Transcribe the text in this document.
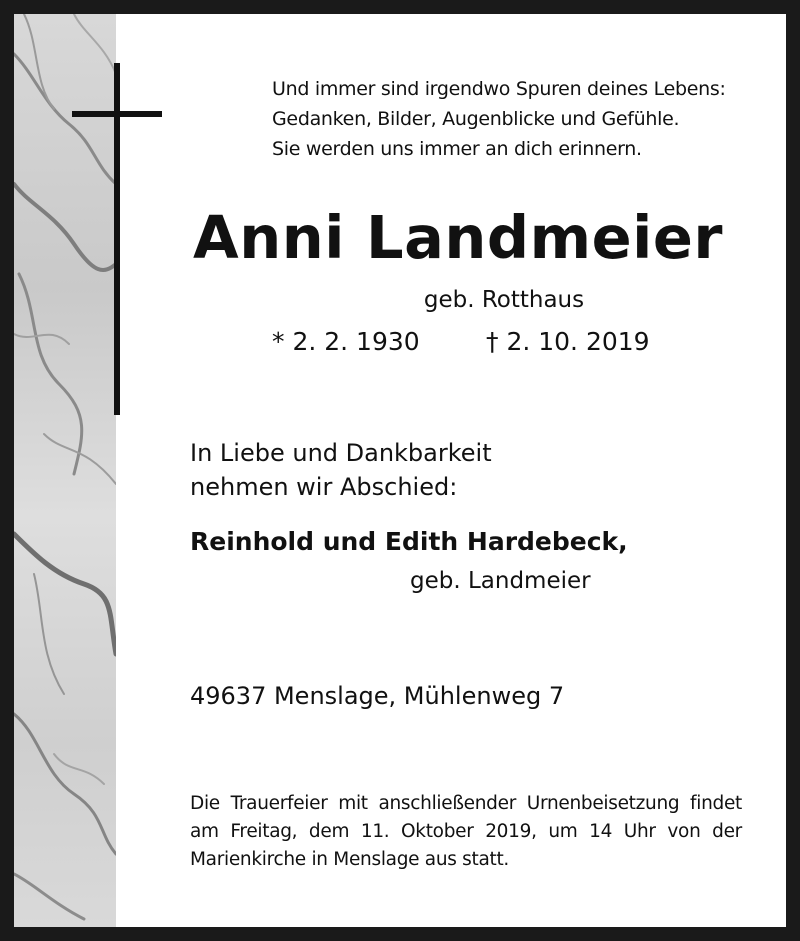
Und immer sind irgendwo Spuren deines Lebens:
Gedanken, Bilder, Augenblicke und Gefühle.
Sie werden uns immer an dich erinnern.
Anni Landmeier
geb. Rotthaus
* 2. 2. 1930	† 2. 10. 2019
In Liebe und Dankbarkeit
nehmen wir Abschied:
Reinhold und Edith Hardebeck,
geb. Landmeier
49637 Menslage, Mühlenweg 7
Die Trauerfeier mit anschließender Urnenbeisetzung findet am Freitag, dem 11. Oktober 2019, um 14 Uhr von der Marienkirche in Menslage aus statt.
